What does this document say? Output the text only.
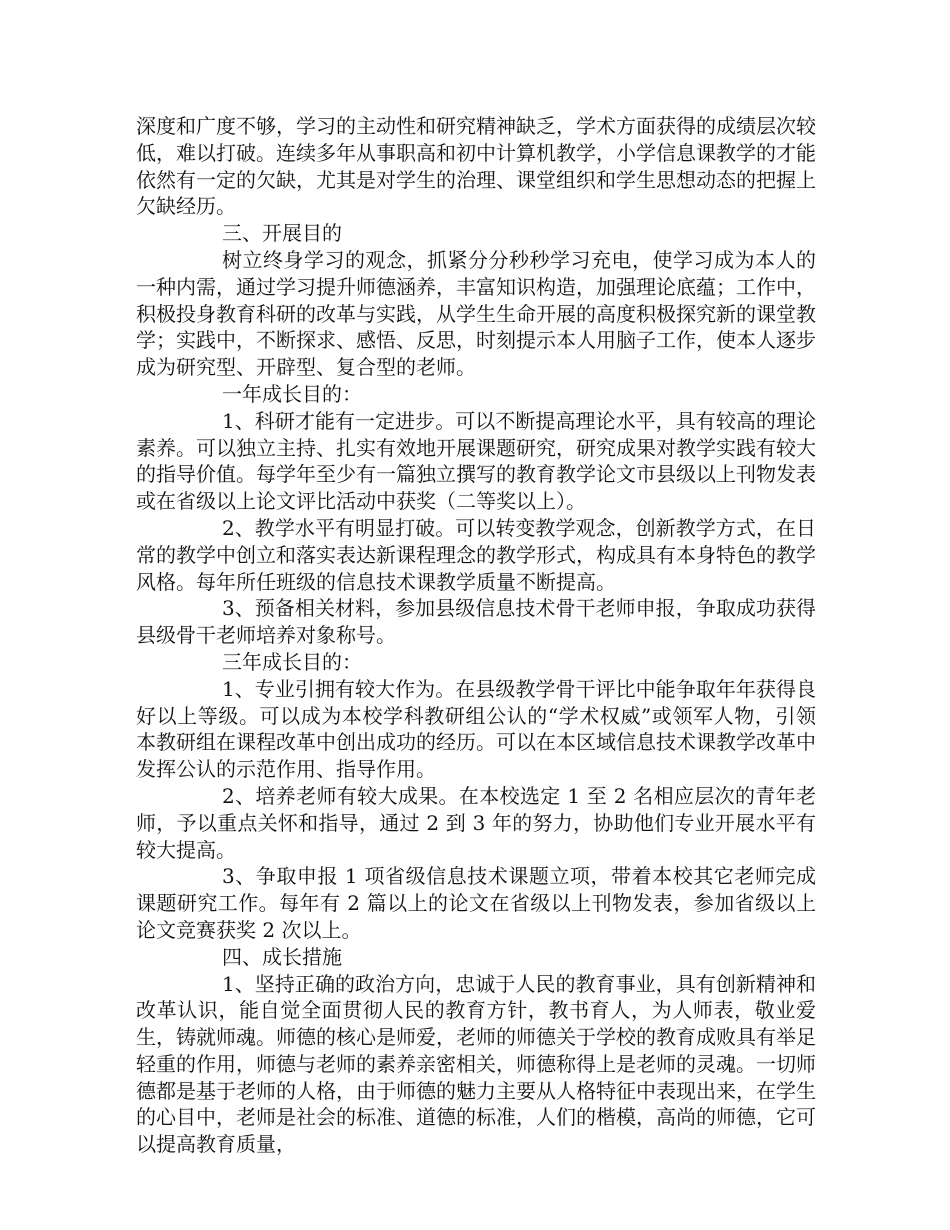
深度和广度不够，学习的主动性和研究精神缺乏，学术方面获得的成绩层次较低，难以打破。连续多年从事职高和初中计算机教学，小学信息课教学的才能依然有一定的欠缺，尤其是对学生的治理、课堂组织和学生思想动态的把握上欠缺经历。

三、开展目的

树立终身学习的观念，抓紧分分秒秒学习充电，使学习成为本人的一种内需，通过学习提升师德涵养，丰富知识构造，加强理论底蕴；工作中，积极投身教育科研的改革与实践，从学生生命开展的高度积极探究新的课堂教学；实践中，不断探求、感悟、反思，时刻提示本人用脑子工作，使本人逐步成为研究型、开辟型、复合型的老师。

一年成长目的：

1、科研才能有一定进步。可以不断提高理论水平，具有较高的理论素养。可以独立主持、扎实有效地开展课题研究，研究成果对教学实践有较大的指导价值。每学年至少有一篇独立撰写的教育教学论文市县级以上刊物发表或在省级以上论文评比活动中获奖（二等奖以上）。

2、教学水平有明显打破。可以转变教学观念，创新教学方式，在日常的教学中创立和落实表达新课程理念的教学形式，构成具有本身特色的教学风格。每年所任班级的信息技术课教学质量不断提高。

3、预备相关材料，参加县级信息技术骨干老师申报，争取成功获得县级骨干老师培养对象称号。

三年成长目的：

1、专业引拥有较大作为。在县级教学骨干评比中能争取年年获得良好以上等级。可以成为本校学科教研组公认的“学术权威”或领军人物，引领本教研组在课程改革中创出成功的经历。可以在本区域信息技术课教学改革中发挥公认的示范作用、指导作用。

2、培养老师有较大成果。在本校选定 1 至 2 名相应层次的青年老师，予以重点关怀和指导，通过 2 到 3 年的努力，协助他们专业开展水平有较大提高。

3、争取申报 1 项省级信息技术课题立项，带着本校其它老师完成课题研究工作。每年有 2 篇以上的论文在省级以上刊物发表，参加省级以上论文竞赛获奖 2 次以上。

四、成长措施

1、坚持正确的政治方向，忠诚于人民的教育事业，具有创新精神和改革认识，能自觉全面贯彻人民的教育方针，教书育人，为人师表，敬业爱生，铸就师魂。师德的核心是师爱，老师的师德关于学校的教育成败具有举足轻重的作用，师德与老师的素养亲密相关，师德称得上是老师的灵魂。一切师德都是基于老师的人格，由于师德的魅力主要从人格特征中表现出来，在学生的心目中，老师是社会的标准、道德的标准，人们的楷模，高尚的师德，它可以提高教育质量，
